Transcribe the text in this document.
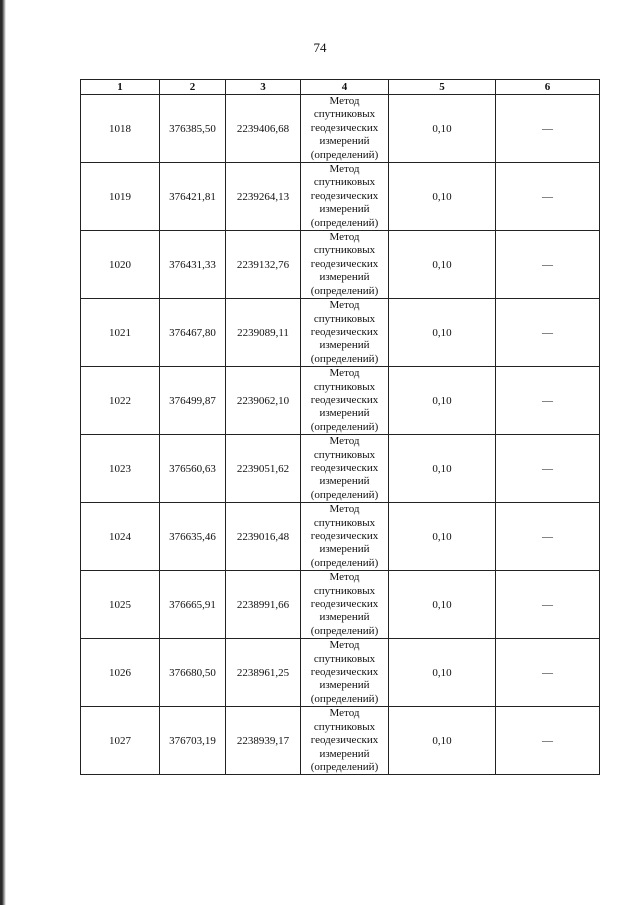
74
1	2	3	4	5	6
1018	376385,50	2239406,68	Метод
спутниковых
геодезических
измерений
(определений)	0,10	—
1019	376421,81	2239264,13	Метод
спутниковых
геодезических
измерений
(определений)	0,10	—
1020	376431,33	2239132,76	Метод
спутниковых
геодезических
измерений
(определений)	0,10	—
1021	376467,80	2239089,11	Метод
спутниковых
геодезических
измерений
(определений)	0,10	—
1022	376499,87	2239062,10	Метод
спутниковых
геодезических
измерений
(определений)	0,10	—
1023	376560,63	2239051,62	Метод
спутниковых
геодезических
измерений
(определений)	0,10	—
1024	376635,46	2239016,48	Метод
спутниковых
геодезических
измерений
(определений)	0,10	—
1025	376665,91	2238991,66	Метод
спутниковых
геодезических
измерений
(определений)	0,10	—
1026	376680,50	2238961,25	Метод
спутниковых
геодезических
измерений
(определений)	0,10	—
1027	376703,19	2238939,17	Метод
спутниковых
геодезических
измерений
(определений)	0,10	—
